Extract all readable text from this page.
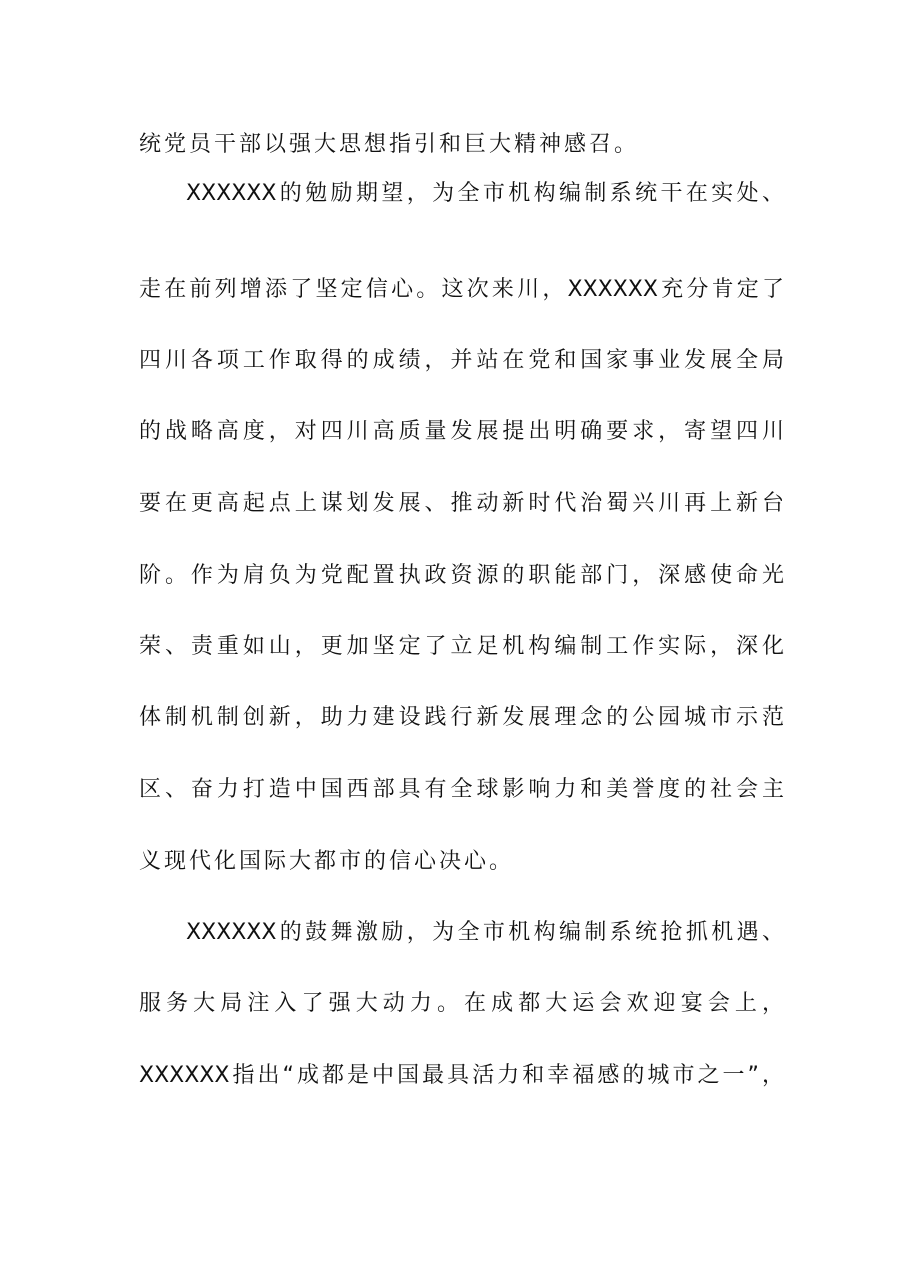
统党员干部以强大思想指引和巨大精神感召。
XXXXXX的勉励期望，为全市机构编制系统干在实处、
走在前列增添了坚定信心。这次来川，XXXXXX充分肯定了
四川各项工作取得的成绩，并站在党和国家事业发展全局
的战略高度，对四川高质量发展提出明确要求，寄望四川
要在更高起点上谋划发展、推动新时代治蜀兴川再上新台
阶。作为肩负为党配置执政资源的职能部门，深感使命光
荣、责重如山，更加坚定了立足机构编制工作实际，深化
体制机制创新，助力建设践行新发展理念的公园城市示范
区、奋力打造中国西部具有全球影响力和美誉度的社会主
义现代化国际大都市的信心决心。
XXXXXX的鼓舞激励，为全市机构编制系统抢抓机遇、
服务大局注入了强大动力。在成都大运会欢迎宴会上，
XXXXXX指出“成都是中国最具活力和幸福感的城市之一”，
